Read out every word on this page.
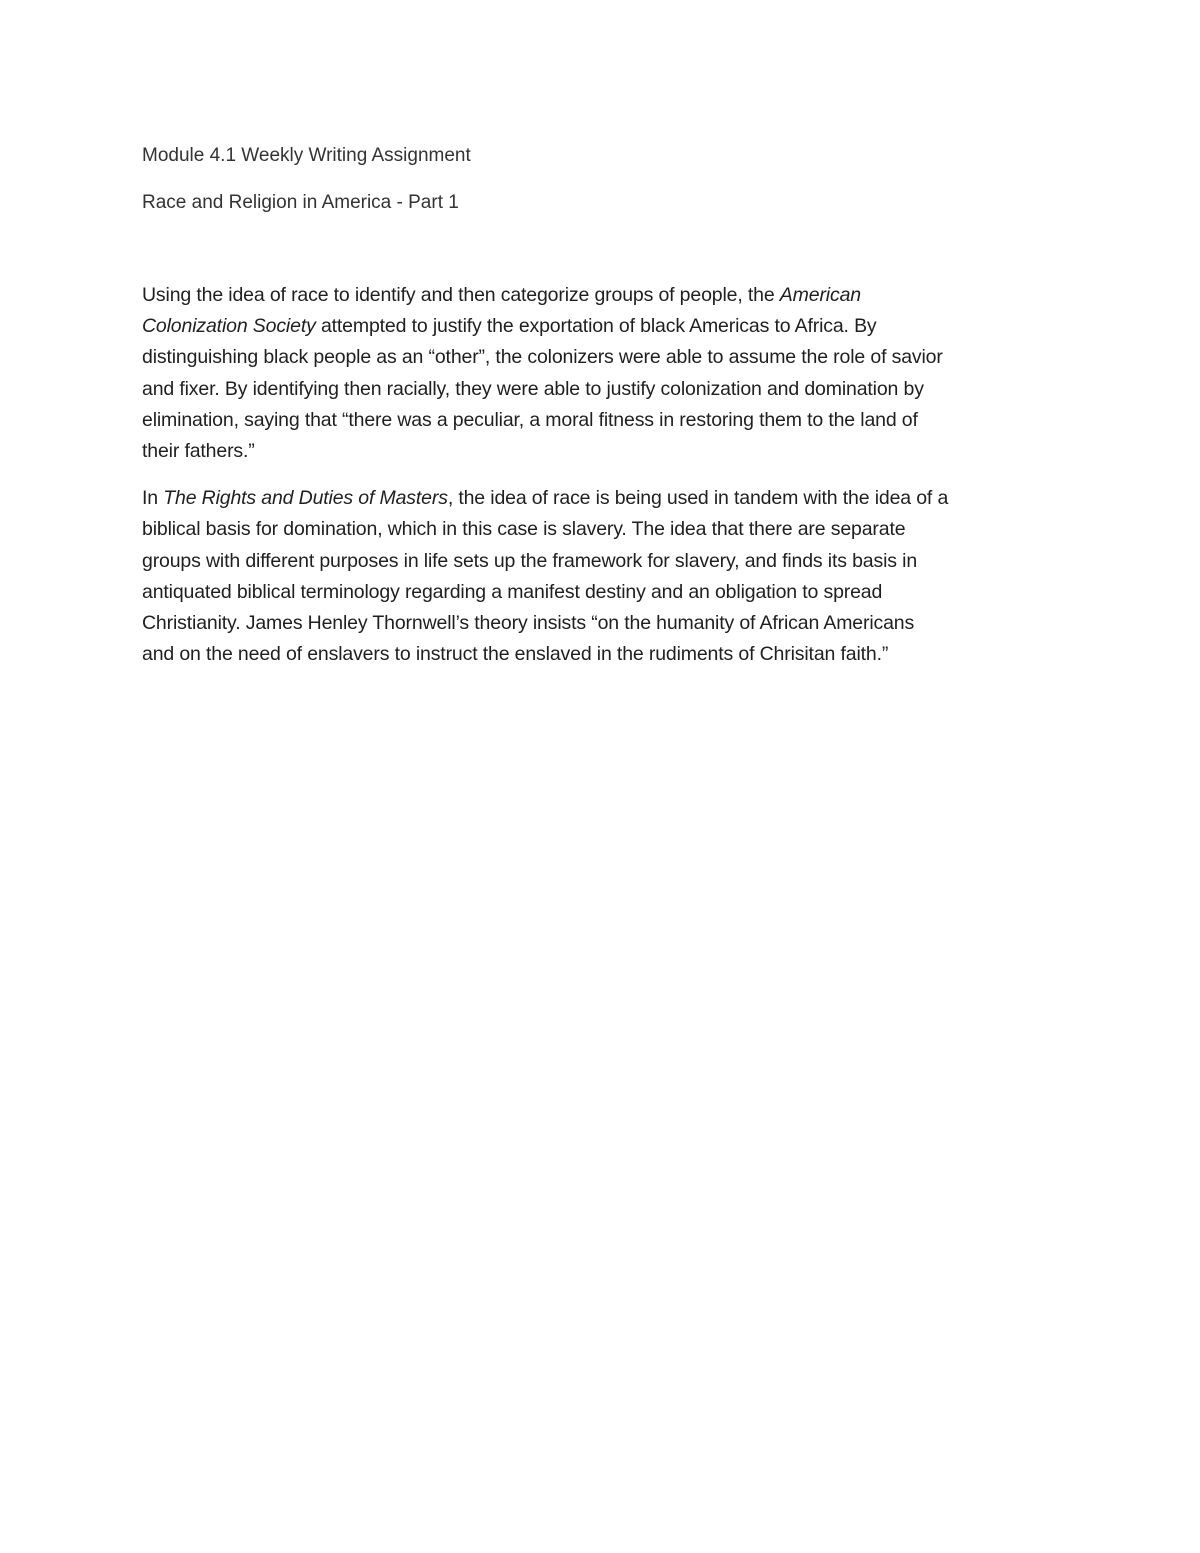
Module 4.1 Weekly Writing Assignment
Race and Religion in America - Part 1

Using the idea of race to identify and then categorize groups of people, the American
Colonization Society attempted to justify the exportation of black Americas to Africa. By
distinguishing black people as an “other”, the colonizers were able to assume the role of savior
and fixer. By identifying then racially, they were able to justify colonization and domination by
elimination, saying that “there was a peculiar, a moral fitness in restoring them to the land of
their fathers.”

In The Rights and Duties of Masters, the idea of race is being used in tandem with the idea of a
biblical basis for domination, which in this case is slavery. The idea that there are separate
groups with different purposes in life sets up the framework for slavery, and finds its basis in
antiquated biblical terminology regarding a manifest destiny and an obligation to spread
Christianity. James Henley Thornwell’s theory insists “on the humanity of African Americans
and on the need of enslavers to instruct the enslaved in the rudiments of Chrisitan faith.”
